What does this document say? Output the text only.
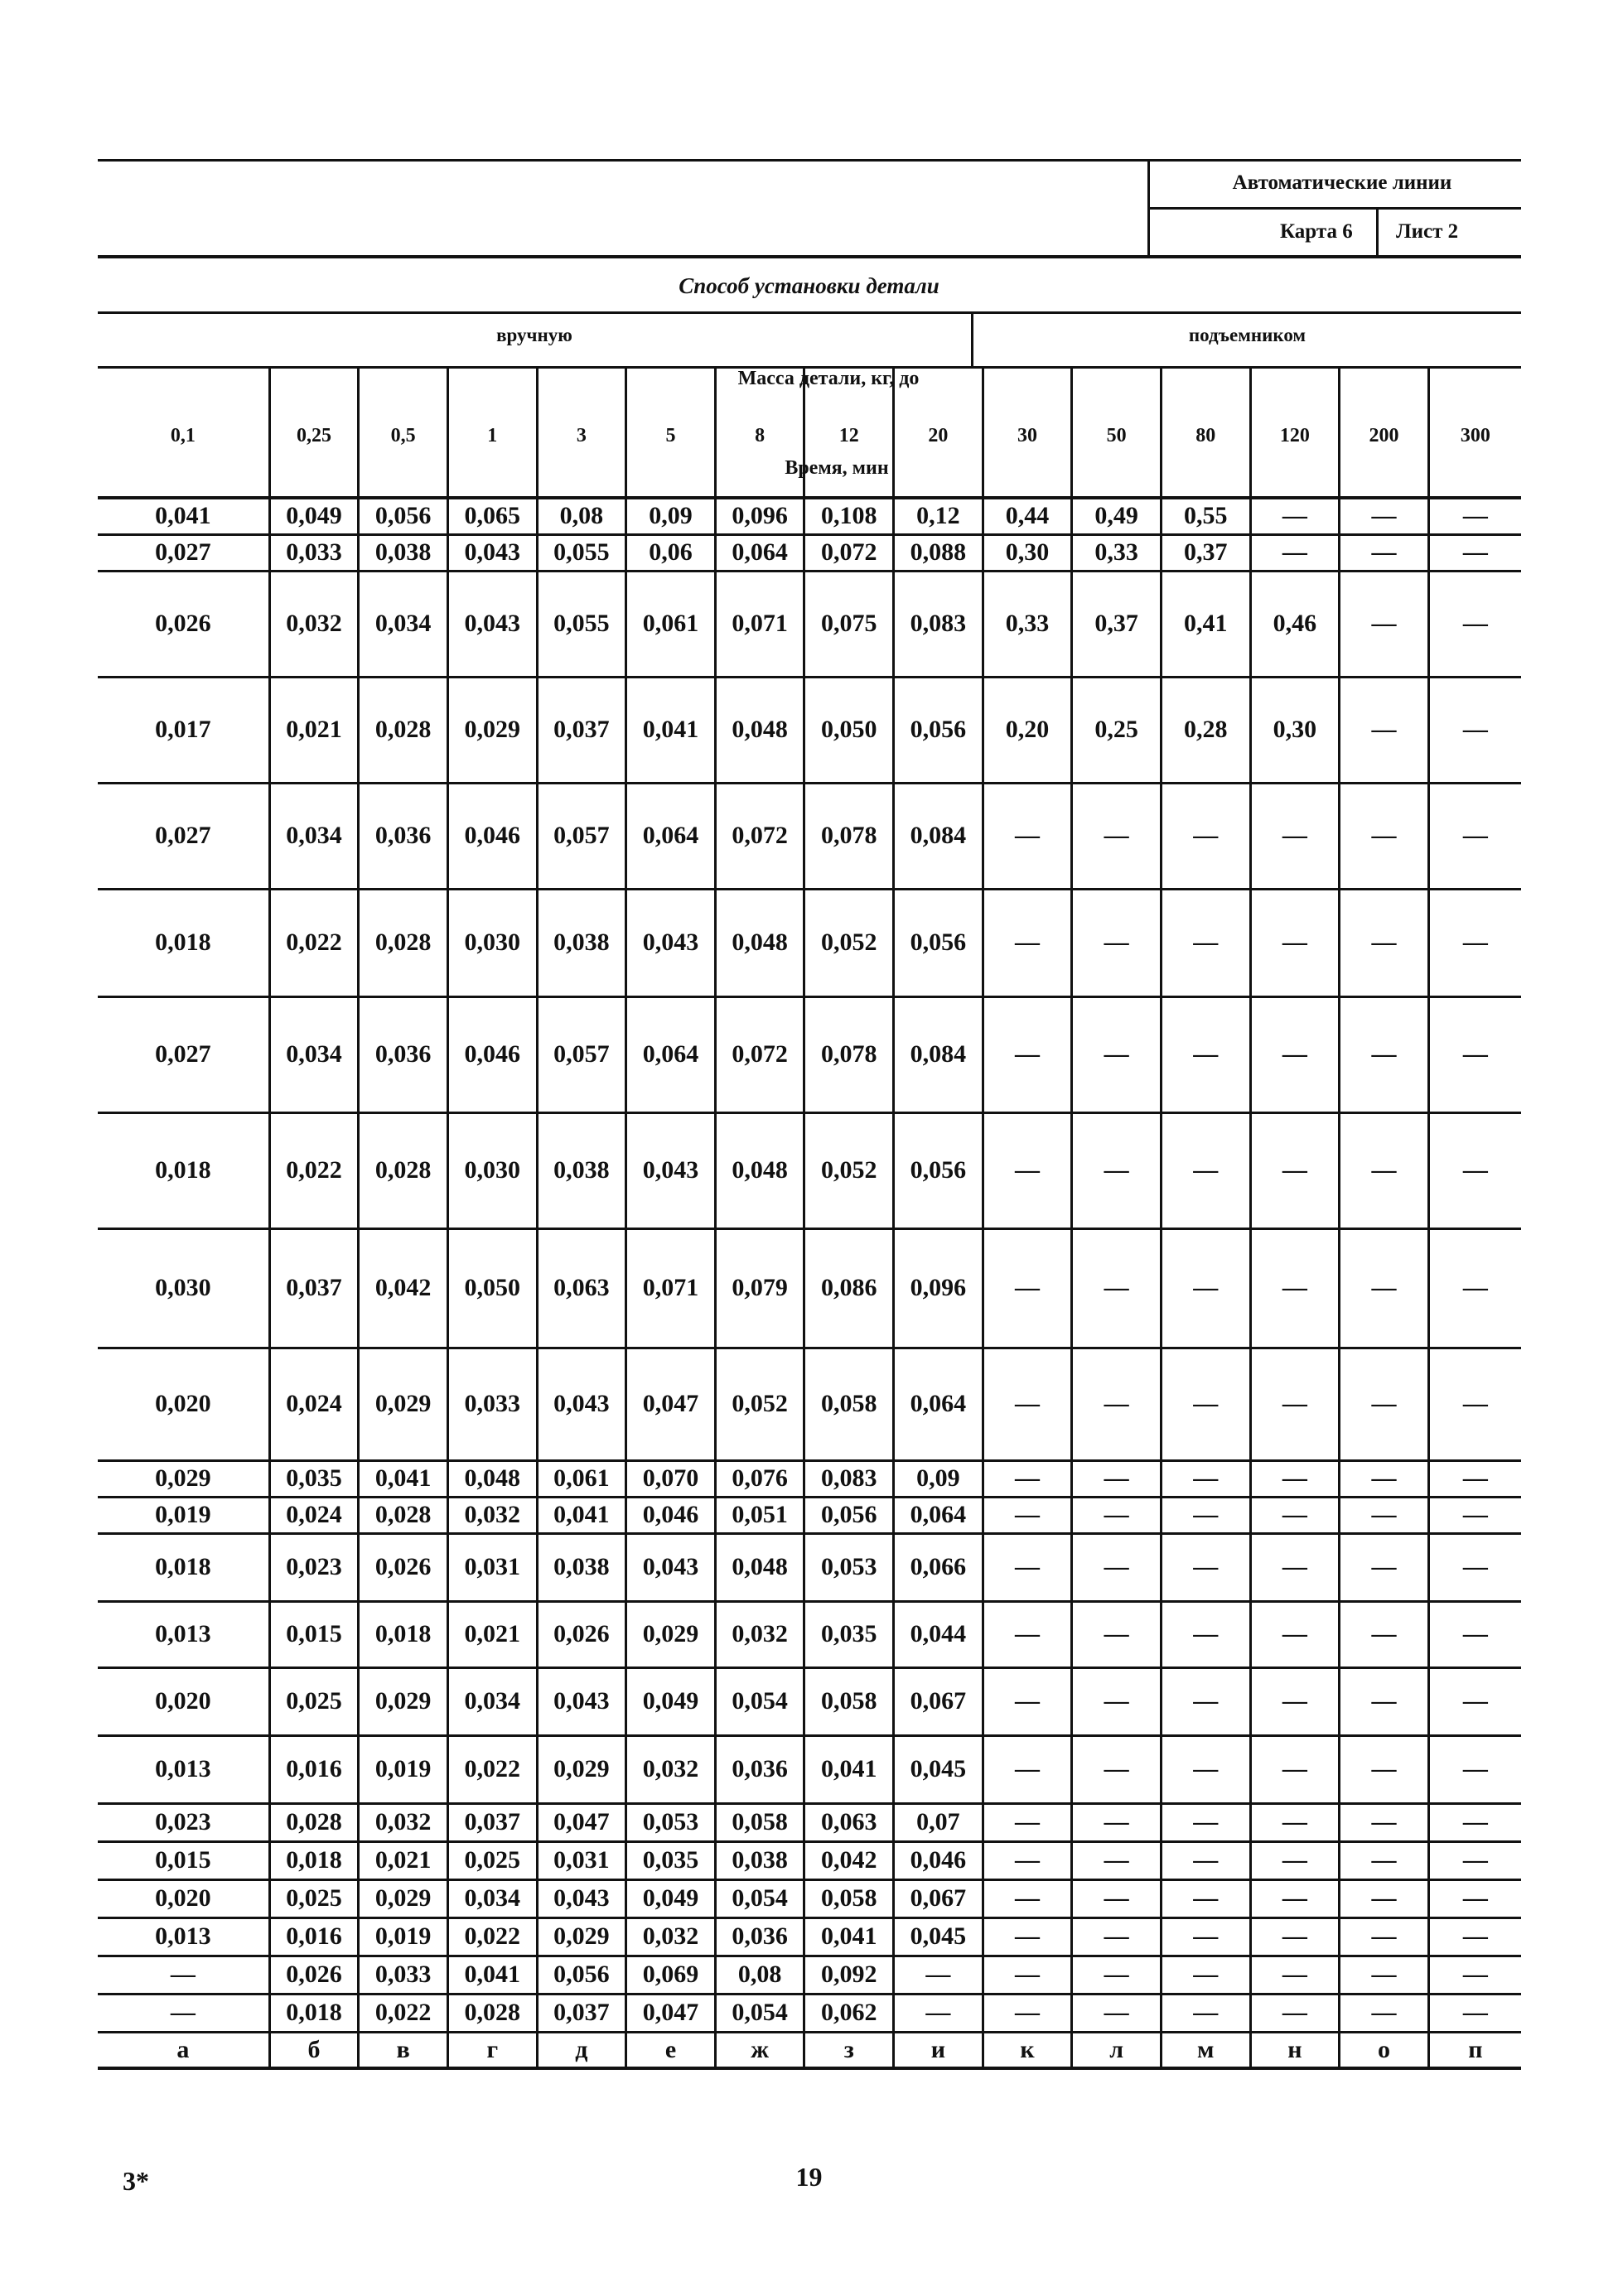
Автоматические линии
Карта 6 Лист 2
Способ установки детали
вручную	подъемником
0,1	0,25	0,5	1	3	5	8	12	20	30	50	80	120	200	300
0,041	0,049	0,056	0,065	0,08	0,09	0,096	0,108	0,12	0,44	0,49	0,55	—	—	—
0,027	0,033	0,038	0,043	0,055	0,06	0,064	0,072	0,088	0,30	0,33	0,37	—	—	—
0,026	0,032	0,034	0,043	0,055	0,061	0,071	0,075	0,083	0,33	0,37	0,41	0,46	—	—
0,017	0,021	0,028	0,029	0,037	0,041	0,048	0,050	0,056	0,20	0,25	0,28	0,30	—	—
0,027	0,034	0,036	0,046	0,057	0,064	0,072	0,078	0,084	—	—	—	—	—	—
0,018	0,022	0,028	0,030	0,038	0,043	0,048	0,052	0,056	—	—	—	—	—	—
0,027	0,034	0,036	0,046	0,057	0,064	0,072	0,078	0,084	—	—	—	—	—	—
0,018	0,022	0,028	0,030	0,038	0,043	0,048	0,052	0,056	—	—	—	—	—	—
0,030	0,037	0,042	0,050	0,063	0,071	0,079	0,086	0,096	—	—	—	—	—	—
0,020	0,024	0,029	0,033	0,043	0,047	0,052	0,058	0,064	—	—	—	—	—	—
0,029	0,035	0,041	0,048	0,061	0,070	0,076	0,083	0,09	—	—	—	—	—	—
0,019	0,024	0,028	0,032	0,041	0,046	0,051	0,056	0,064	—	—	—	—	—	—
0,018	0,023	0,026	0,031	0,038	0,043	0,048	0,053	0,066	—	—	—	—	—	—
0,013	0,015	0,018	0,021	0,026	0,029	0,032	0,035	0,044	—	—	—	—	—	—
0,020	0,025	0,029	0,034	0,043	0,049	0,054	0,058	0,067	—	—	—	—	—	—
0,013	0,016	0,019	0,022	0,029	0,032	0,036	0,041	0,045	—	—	—	—	—	—
0,023	0,028	0,032	0,037	0,047	0,053	0,058	0,063	0,07	—	—	—	—	—	—
0,015	0,018	0,021	0,025	0,031	0,035	0,038	0,042	0,046	—	—	—	—	—	—
0,020	0,025	0,029	0,034	0,043	0,049	0,054	0,058	0,067	—	—	—	—	—	—
0,013	0,016	0,019	0,022	0,029	0,032	0,036	0,041	0,045	—	—	—	—	—	—
—	0,026	0,033	0,041	0,056	0,069	0,08	0,092	—	—	—	—	—	—	—
—	0,018	0,022	0,028	0,037	0,047	0,054	0,062	—	—	—	—	—	—	—
а	б	в	г	д	е	ж	з	и	к	л	м	н	о	п
Масса детали, кг, до
Время, мин
3*	19
